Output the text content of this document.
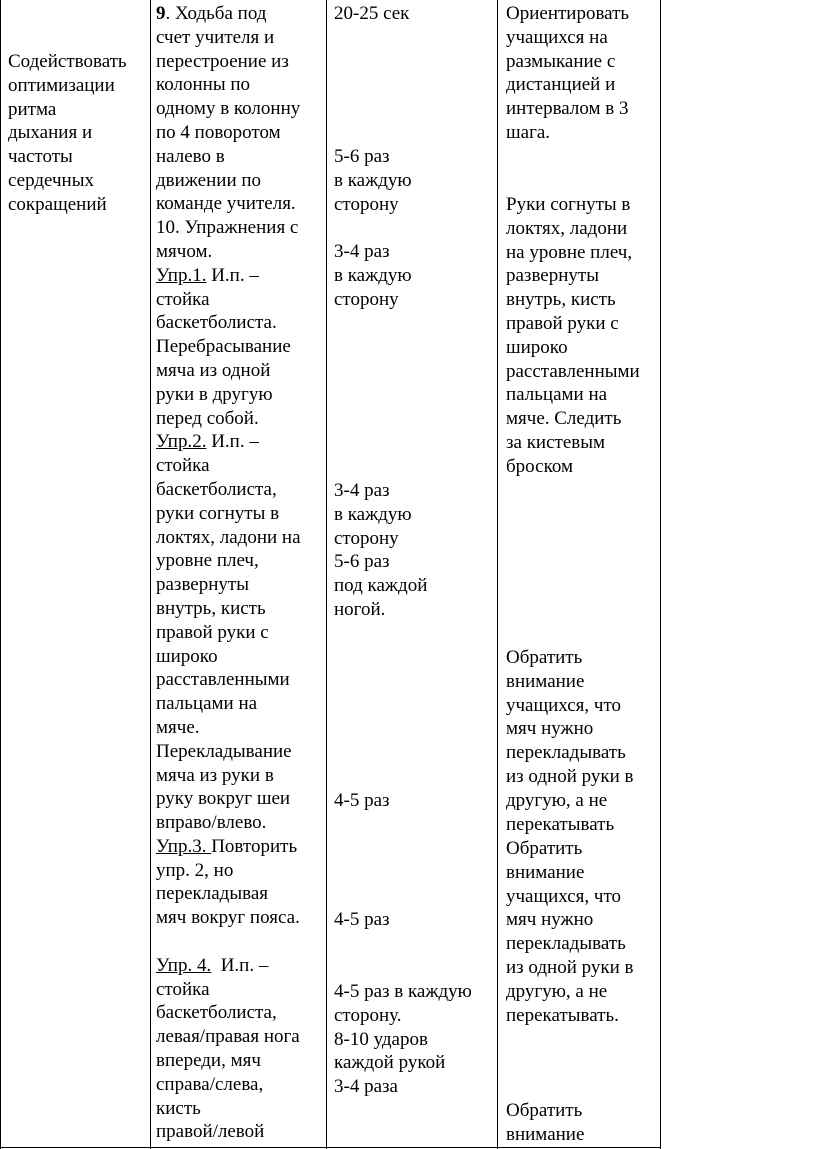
Содействовать
оптимизации
ритма
дыхания и
частоты
сердечных
сокращений
9. Ходьба под
счет учителя и
перестроение из
колонны по
одному в колонну
по 4 поворотом
налево в
движении по
команде учителя.
10. Упражнения с
мячом.
Упр.1. И.п. –
стойка
баскетболиста.
Перебрасывание
мяча из одной
руки в другую
перед собой.
Упр.2. И.п. –
стойка
баскетболиста,
руки согнуты в
локтях, ладони на
уровне плеч,
развернуты
внутрь, кисть
правой руки с
широко
расставленными
пальцами на
мяче.
Перекладывание
мяча из руки в
руку вокруг шеи
вправо/влево.
Упр.3. Повторить
упр. 2, но
перекладывая
мяч вокруг пояса.
Упр. 4.  И.п. –
стойка
баскетболиста,
левая/правая нога
впереди, мяч
справа/слева,
кисть
правой/левой
20-25 сек
5-6 раз
в каждую
сторону
3-4 раз
в каждую
сторону
3-4 раз
в каждую
сторону
5-6 раз
под каждой
ногой.
4-5 раз
4-5 раз
4-5 раз в каждую
сторону.
8-10 ударов
каждой рукой
3-4 раза
Ориентировать
учащихся на
размыкание с
дистанцией и
интервалом в 3
шага.
Руки согнуты в
локтях, ладони
на уровне плеч,
развернуты
внутрь, кисть
правой руки с
широко
расставленными
пальцами на
мяче. Следить
за кистевым
броском
Обратить
внимание
учащихся, что
мяч нужно
перекладывать
из одной руки в
другую, а не
перекатывать
Обратить
внимание
учащихся, что
мяч нужно
перекладывать
из одной руки в
другую, а не
перекатывать.
Обратить
внимание
